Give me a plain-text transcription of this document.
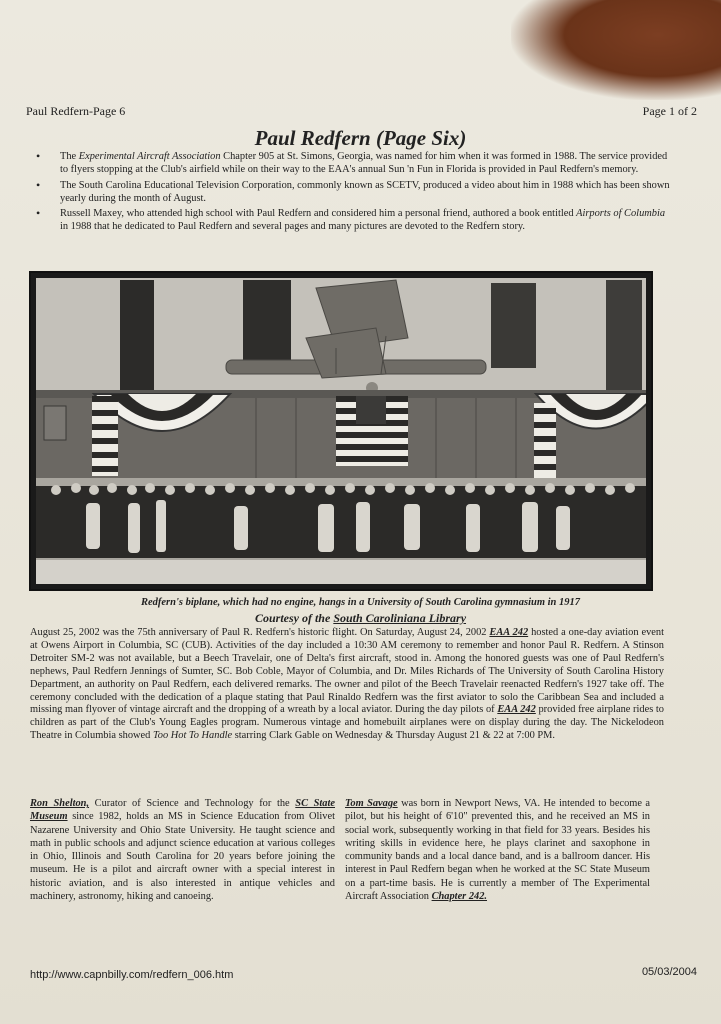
Paul Redfern-Page 6	Page 1 of 2
Paul Redfern (Page Six)
• The Experimental Aircraft Association Chapter 905 at St. Simons, Georgia, was named for him when it was formed in 1988. The service provided to flyers stopping at the Club's airfield while on their way to the EAA's annual Sun 'n Fun in Florida is provided in Paul Redfern's memory.
• The South Carolina Educational Television Corporation, commonly known as SCETV, produced a video about him in 1988 which has been shown yearly during the month of August.
• Russell Maxey, who attended high school with Paul Redfern and considered him a personal friend, authored a book entitled Airports of Columbia in 1988 that he dedicated to Paul Redfern and several pages and many pictures are devoted to the Redfern story.
Redfern's biplane, which had no engine, hangs in a University of South Carolina gymnasium in 1917
Courtesy of the South Caroliniana Library
August 25, 2002 was the 75th anniversary of Paul R. Redfern's historic flight. On Saturday, August 24, 2002 EAA 242 hosted a one-day aviation event at Owens Airport in Columbia, SC (CUB). Activities of the day included a 10:30 AM ceremony to remember and honor Paul R. Redfern. A Stinson Detroiter SM-2 was not available, but a Beech Travelair, one of Delta's first aircraft, stood in. Among the honored guests was one of Paul Redfern's nephews, Paul Redfern Jennings of Sumter, SC. Bob Coble, Mayor of Columbia, and Dr. Miles Richards of The University of South Carolina History Department, an authority on Paul Redfern, each delivered remarks. The owner and pilot of the Beech Travelair reenacted Redfern's 1927 take off. The ceremony concluded with the dedication of a plaque stating that Paul Rinaldo Redfern was the first aviator to solo the Caribbean Sea and included a missing man flyover of vintage aircraft and the dropping of a wreath by a local aviator. During the day pilots of EAA 242 provided free airplane rides to children as part of the Club's Young Eagles program. Numerous vintage and homebuilt airplanes were on display during the day. The Nickelodeon Theatre in Columbia showed Too Hot To Handle starring Clark Gable on Wednesday & Thursday August 21 & 22 at 7:00 PM.
Ron Shelton, Curator of Science and Technology for the SC State Museum since 1982, holds an MS in Science Education from Olivet Nazarene University and Ohio State University. He taught science and math in public schools and adjunct science education at various colleges in Ohio, Illinois and South Carolina for 20 years before joining the museum. He is a pilot and aircraft owner with a special interest in historic aviation, and is also interested in antique vehicles and machinery, astronomy, hiking and canoeing.
Tom Savage was born in Newport News, VA. He intended to become a pilot, but his height of 6'10" prevented this, and he received an MS in social work, subsequently working in that field for 33 years. Besides his writing skills in evidence here, he plays clarinet and saxophone in community bands and a local dance band, and is a ballroom dancer. His interest in Paul Redfern began when he worked at the SC State Museum on a part-time basis. He is currently a member of The Experimental Aircraft Association Chapter 242.
http://www.capnbilly.com/redfern_006.htm	05/03/2004
